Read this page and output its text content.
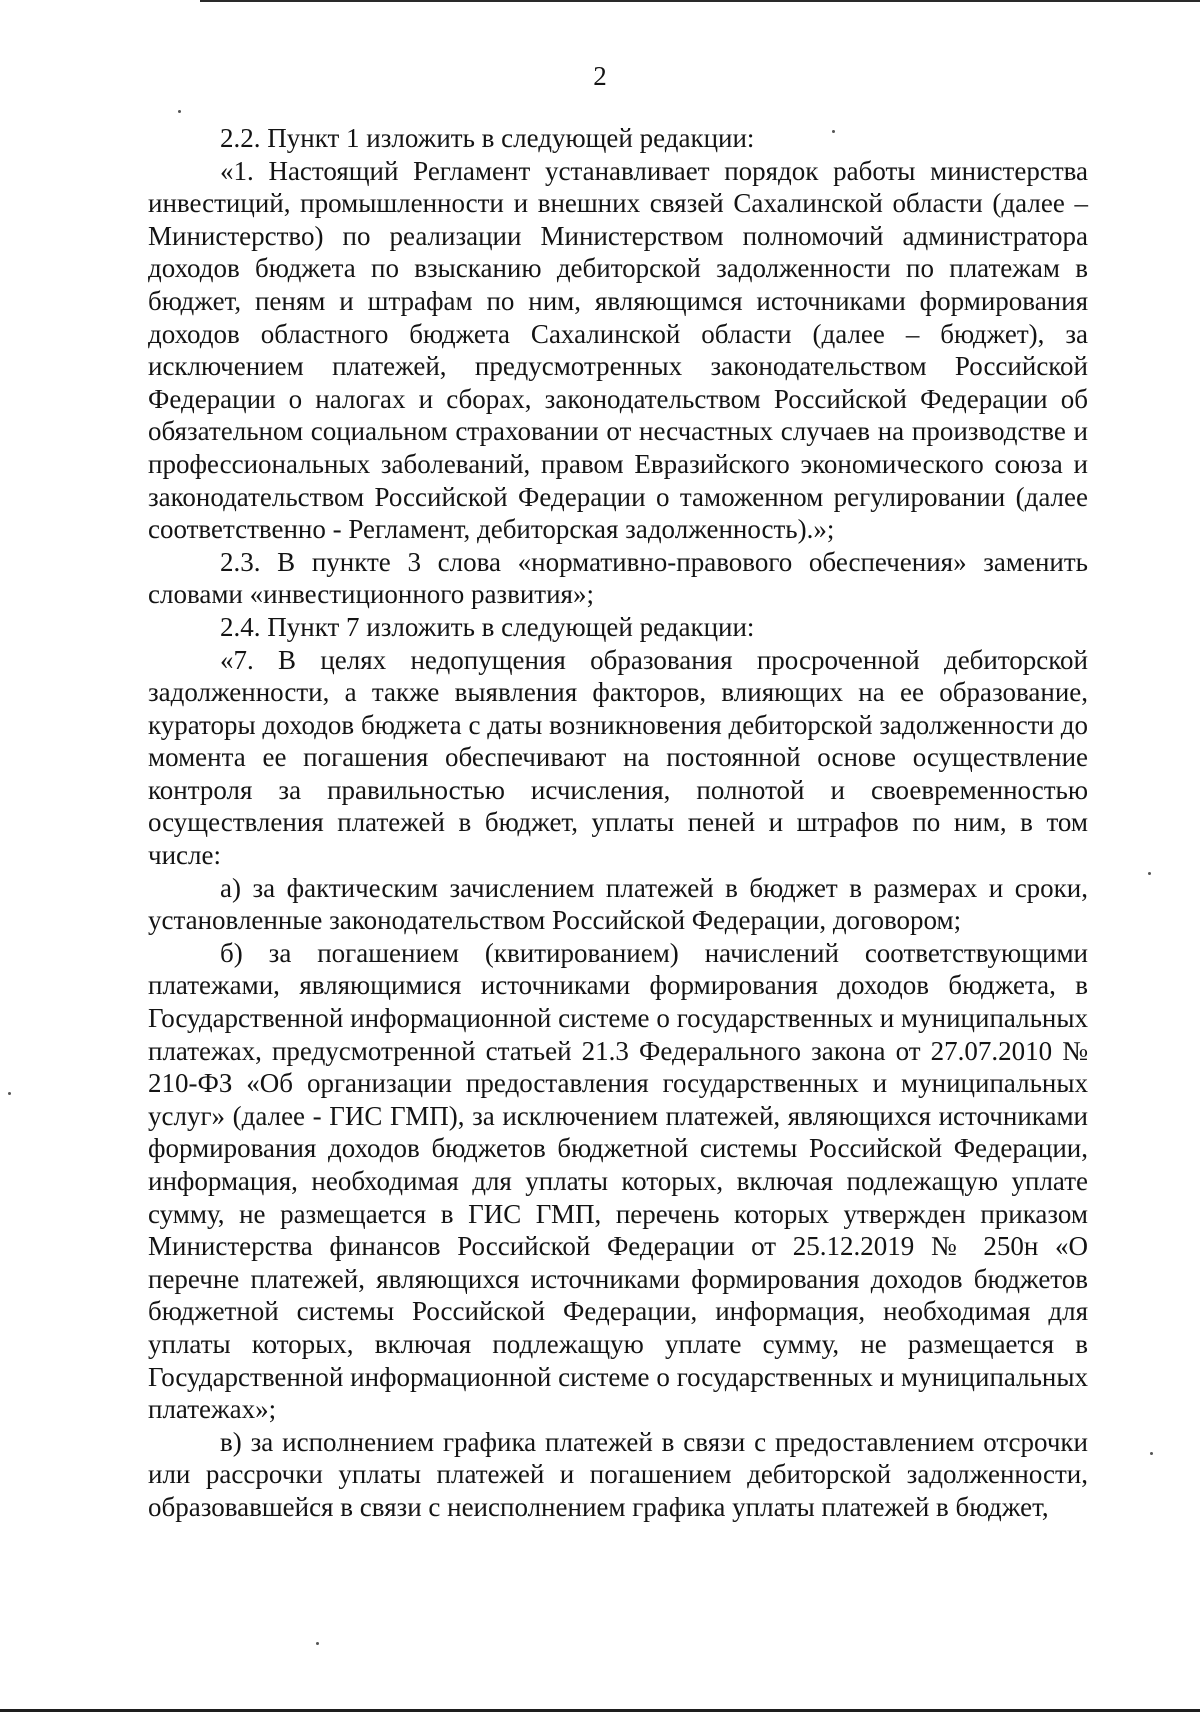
2

2.2. Пункт 1 изложить в следующей редакции:

«1. Настоящий Регламент устанавливает порядок работы министерства инвестиций, промышленности и внешних связей Сахалинской области (далее – Министерство) по реализации Министерством полномочий администратора доходов бюджета по взысканию дебиторской задолженности по платежам в бюджет, пеням и штрафам по ним, являющимся источниками формирования доходов областного бюджета Сахалинской области (далее – бюджет), за исключением платежей, предусмотренных законодательством Российской Федерации о налогах и сборах, законодательством Российской Федерации об обязательном социальном страховании от несчастных случаев на производстве и профессиональных заболеваний, правом Евразийского экономического союза и законодательством Российской Федерации о таможенном регулировании (далее соответственно - Регламент, дебиторская задолженность).»;

2.3. В пункте 3 слова «нормативно-правового обеспечения» заменить словами «инвестиционного развития»;

2.4. Пункт 7 изложить в следующей редакции:

«7. В целях недопущения образования просроченной дебиторской задолженности, а также выявления факторов, влияющих на ее образование, кураторы доходов бюджета с даты возникновения дебиторской задолженности до момента ее погашения обеспечивают на постоянной основе осуществление контроля за правильностью исчисления, полнотой и своевременностью осуществления платежей в бюджет, уплаты пеней и штрафов по ним, в том числе:

а) за фактическим зачислением платежей в бюджет в размерах и сроки, установленные законодательством Российской Федерации, договором;

б) за погашением (квитированием) начислений соответствующими платежами, являющимися источниками формирования доходов бюджета, в Государственной информационной системе о государственных и муниципальных платежах, предусмотренной статьей 21.3 Федерального закона от 27.07.2010 № 210-ФЗ «Об организации предоставления государственных и муниципальных услуг» (далее - ГИС ГМП), за исключением платежей, являющихся источниками формирования доходов бюджетов бюджетной системы Российской Федерации, информация, необходимая для уплаты которых, включая подлежащую уплате сумму, не размещается в ГИС ГМП, перечень которых утвержден приказом Министерства финансов Российской Федерации от 25.12.2019 № 250н «О перечне платежей, являющихся источниками формирования доходов бюджетов бюджетной системы Российской Федерации, информация, необходимая для уплаты которых, включая подлежащую уплате сумму, не размещается в Государственной информационной системе о государственных и муниципальных платежах»;

в) за исполнением графика платежей в связи с предоставлением отсрочки или рассрочки уплаты платежей и погашением дебиторской задолженности, образовавшейся в связи с неисполнением графика уплаты платежей в бюджет,
